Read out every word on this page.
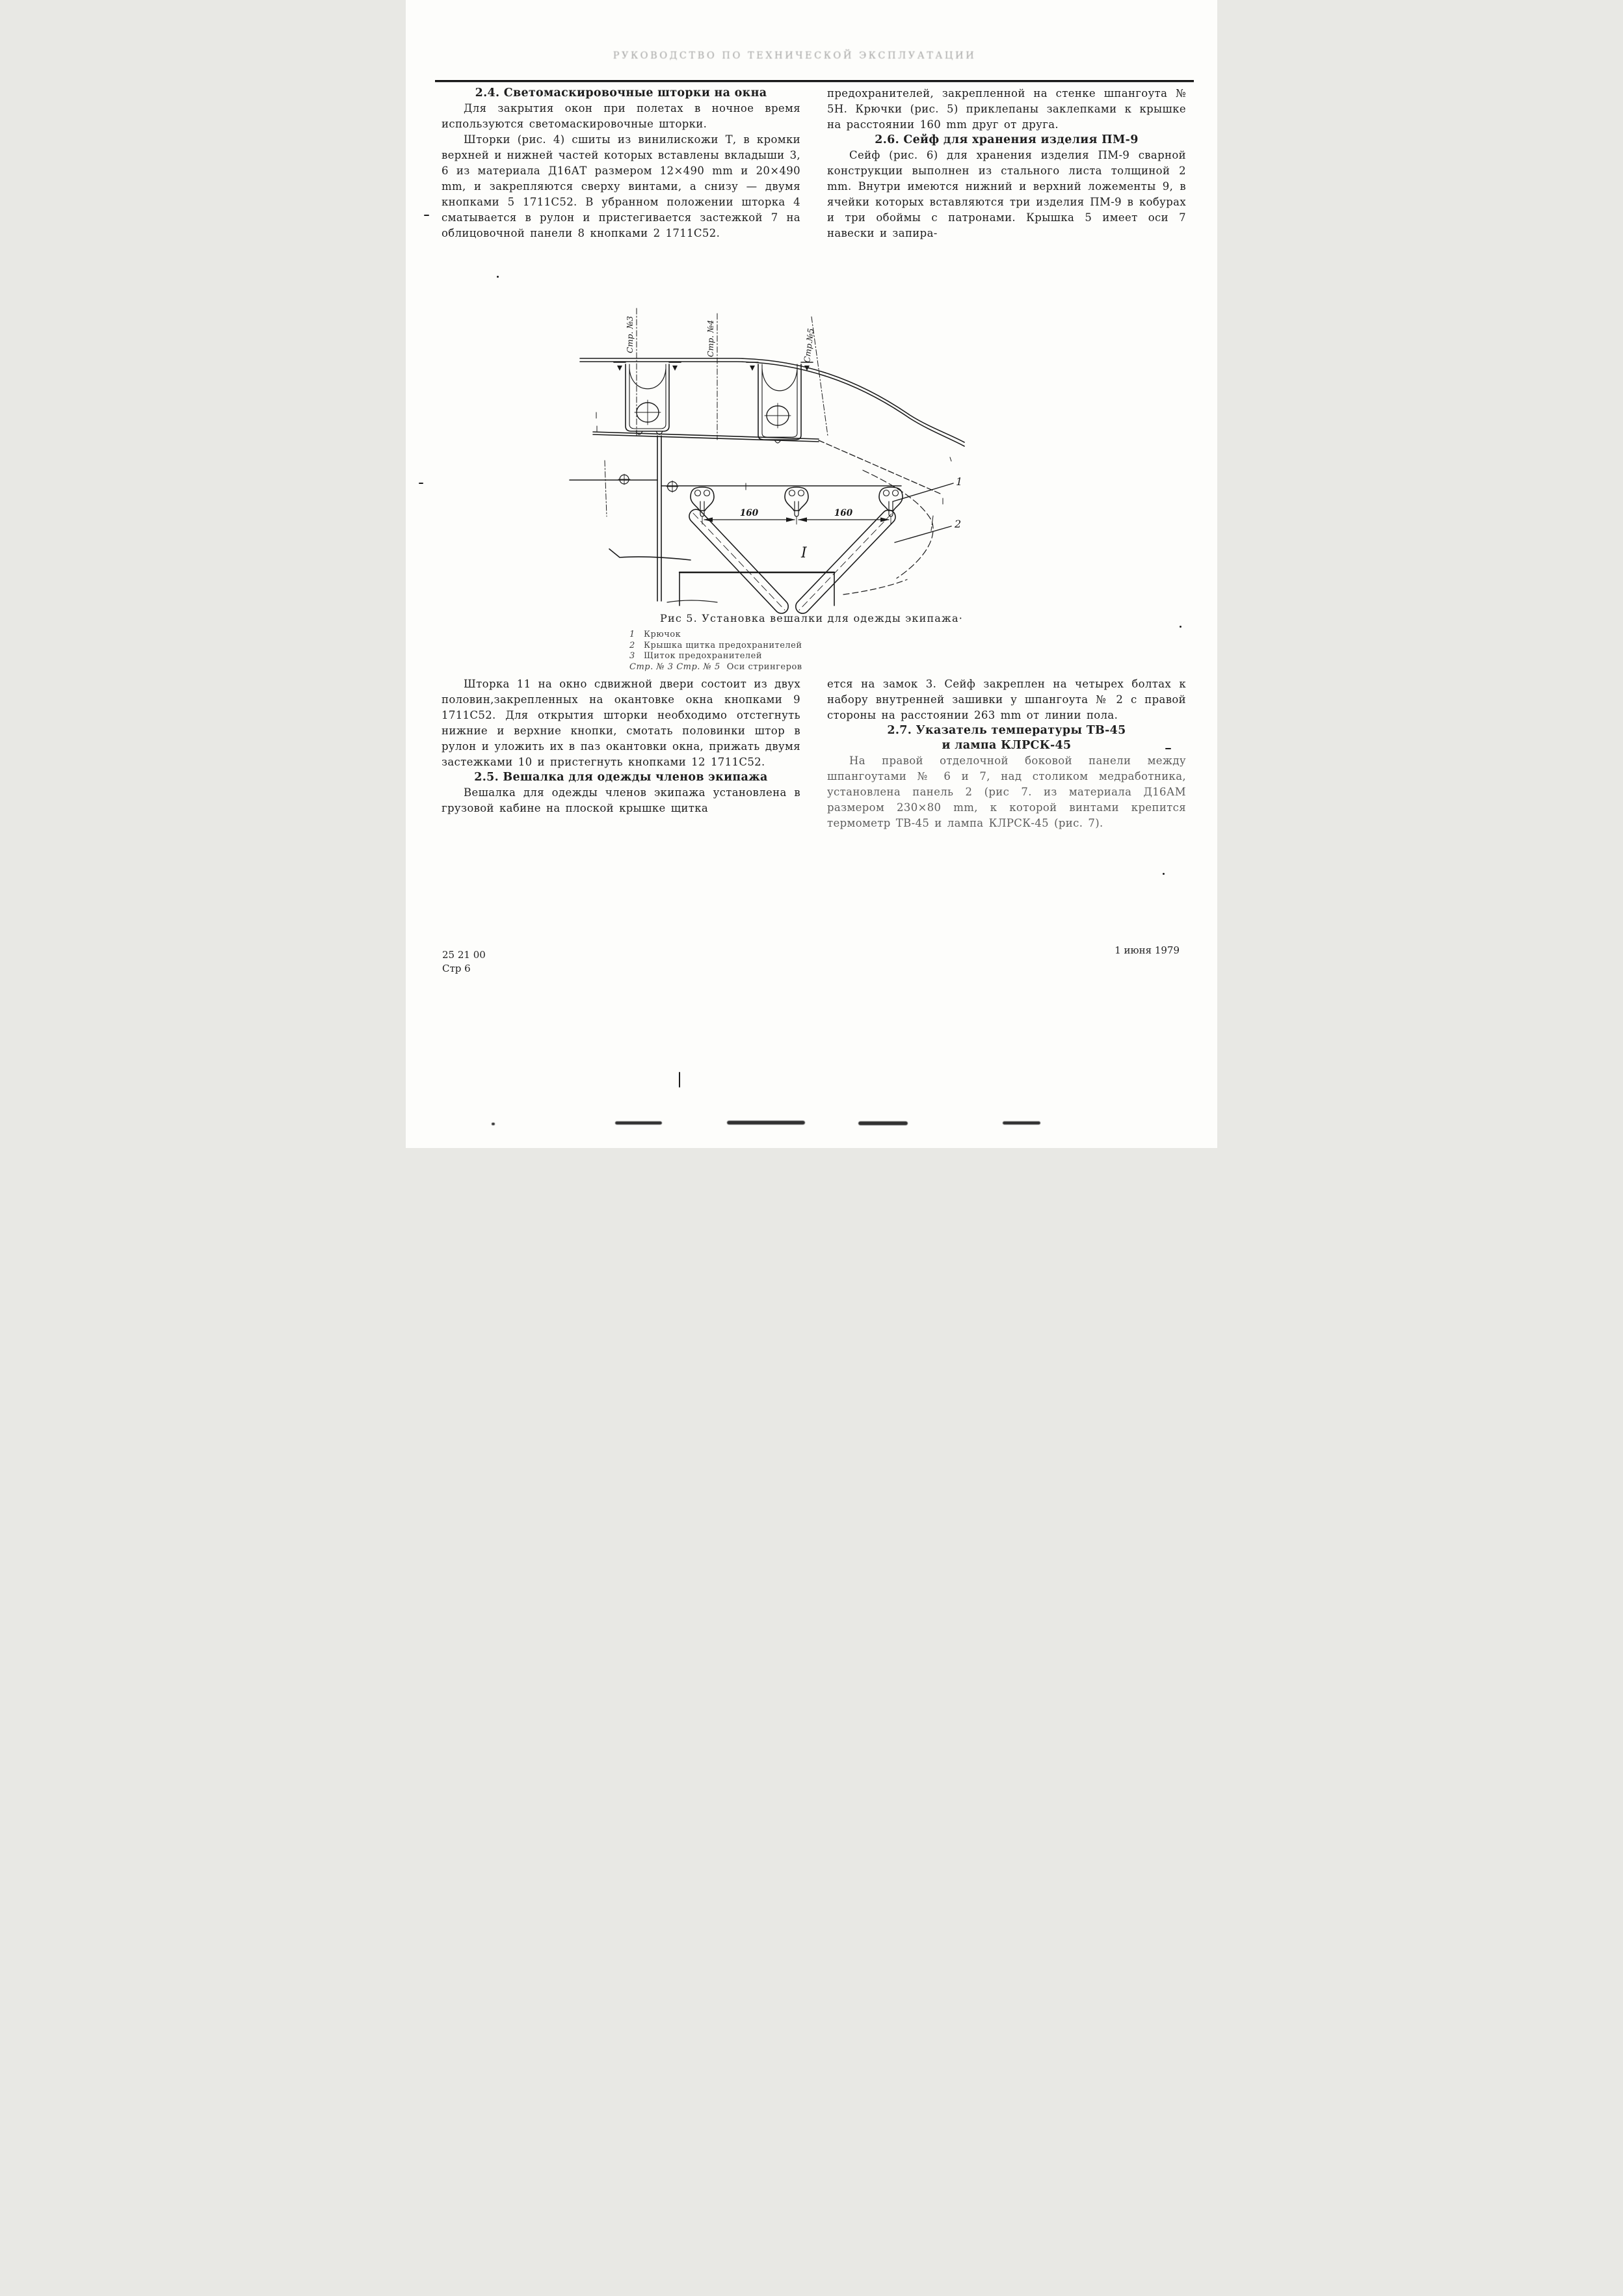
РУКОВОДСТВО ПО ТЕХНИЧЕСКОЙ ЭКСПЛУАТАЦИИ
2.4. Светомаскировочные шторки на окна

Для закрытия окон при полетах в ночное время используются светомаскировочные шторки.

Шторки (рис. 4) сшиты из винилискожи Т, в кромки верхней и нижней частей которых вставлены вкладыши 3, 6 из материала Д16АТ размером 12×490 mm и 20×490 mm, и закрепляются сверху винтами, а снизу — двумя кнопками 5 1711С52. В убранном положении шторка 4 сматывается в рулон и пристегивается застежкой 7 на облицовочной панели 8 кнопками 2 1711С52.

предохранителей, закрепленной на стенке шпангоута № 5Н. Крючки (рис. 5) приклепаны заклепками к крышке на расстоянии 160 mm друг от друга.

2.6. Сейф для хранения изделия ПМ-9

Сейф (рис. 6) для хранения изделия ПМ-9 сварной конструкции выполнен из стального листа толщиной 2 mm. Внутри имеются нижний и верхний ложементы 9, в ячейки которых вставляются три изделия ПМ-9 в кобурах и три обоймы с патронами. Крышка 5 имеет оси 7 навески и запира-

Стр. №3	Стр. №4	Стр.№5
160	160
I
1
2
Рис 5. Установка вешалки для одежды экипажа·
1 Крючок
2 Крышка щитка предохранителей
3 Щиток предохранителей
Стр. № 3 Стр. № 5 Оси стрингеров

Шторка 11 на окно сдвижной двери состоит из двух половин,закрепленных на окантовке окна кнопками 9 1711С52. Для открытия шторки необходимо отстегнуть нижние и верхние кнопки, смотать половинки штор в рулон и уложить их в паз окантовки окна, прижать двумя застежками 10 и пристегнуть кнопками 12 1711С52.

2.5. Вешалка для одежды членов экипажа

Вешалка для одежды членов экипажа установлена в грузовой кабине на плоской крышке щитка

ется на замок 3. Сейф закреплен на четырех болтах к набору внутренней зашивки у шпангоута № 2 с правой стороны на расстоянии 263 mm от линии пола.

2.7. Указатель температуры ТВ-45
и лампа КЛРСК-45

На правой отделочной боковой панели между шпангоутами № 6 и 7, над столиком медработника, установлена панель 2 (рис 7. из материала Д16АМ размером 230×80 mm, к которой винтами крепится термометр ТВ-45 и лампа КЛРСК-45 (рис. 7).

25 21 00
Стр 6
1 июня 1979
